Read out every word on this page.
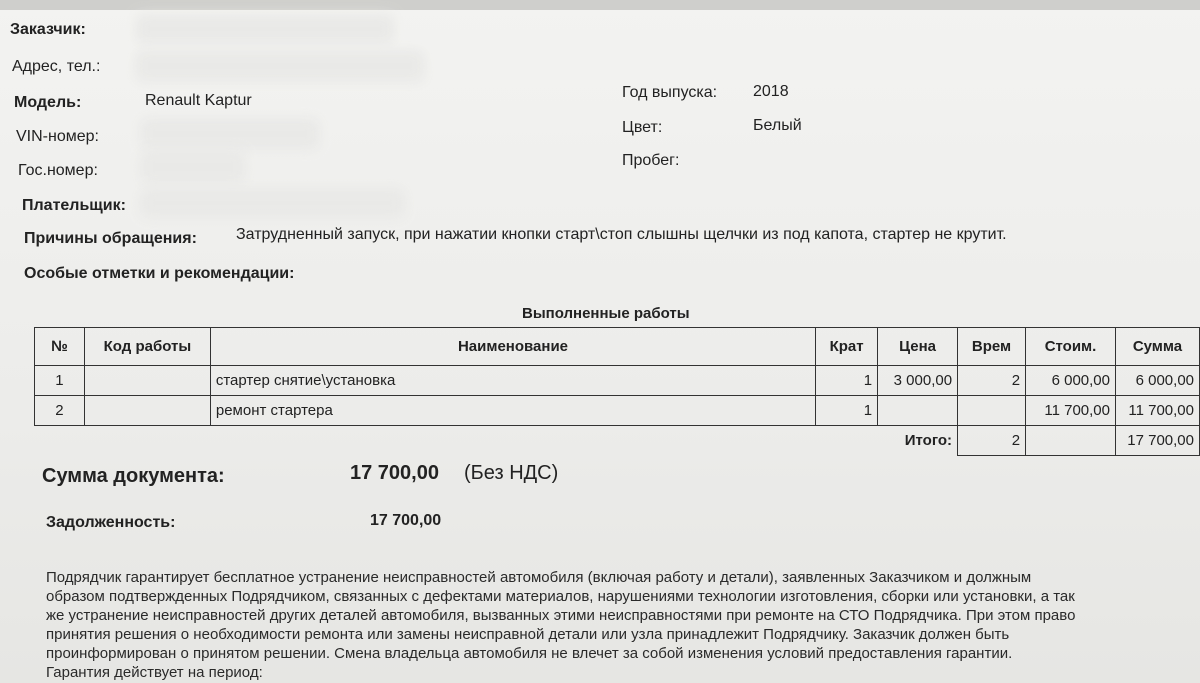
Заказчик:
Адрес, тел.:
Модель:	Renault Kaptur
VIN-номер:
Гос.номер:
Плательщик:
Год выпуска: 2018
Цвет:	Белый
Пробег:
Причины обращения: Затрудненный запуск, при нажатии кнопки старт\стоп слышны щелчки из под капота, стартер не крутит.
Особые отметки и рекомендации:
Выполненные работы
№	Код работы	Наименование	Крат	Цена	Врем	Стоим.	Сумма
1		стартер снятие\установка	1	3 000,00	2	6 000,00	6 000,00
2		ремонт стартера	1			11 700,00	11 700,00
				Итого:	2		17 700,00
Сумма документа:	17 700,00 (Без НДС)
Задолженность:	17 700,00

Подрядчик гарантирует бесплатное устранение неисправностей автомобиля (включая работу и детали), заявленных Заказчиком и должным

образом подтвержденных Подрядчиком, связанных с дефектами материалов, нарушениями технологии изготовления, сборки или установки, а так

же устранение неисправностей других деталей автомобиля, вызванных этими неисправностями при ремонте на СТО Подрядчика. При этом право

принятия решения о необходимости ремонта или замены неисправной детали или узла принадлежит Подрядчику. Заказчик должен быть

проинформирован о принятом решении. Смена владельца автомобиля не влечет за собой изменения условий предоставления гарантии.

Гарантия действует на период:
